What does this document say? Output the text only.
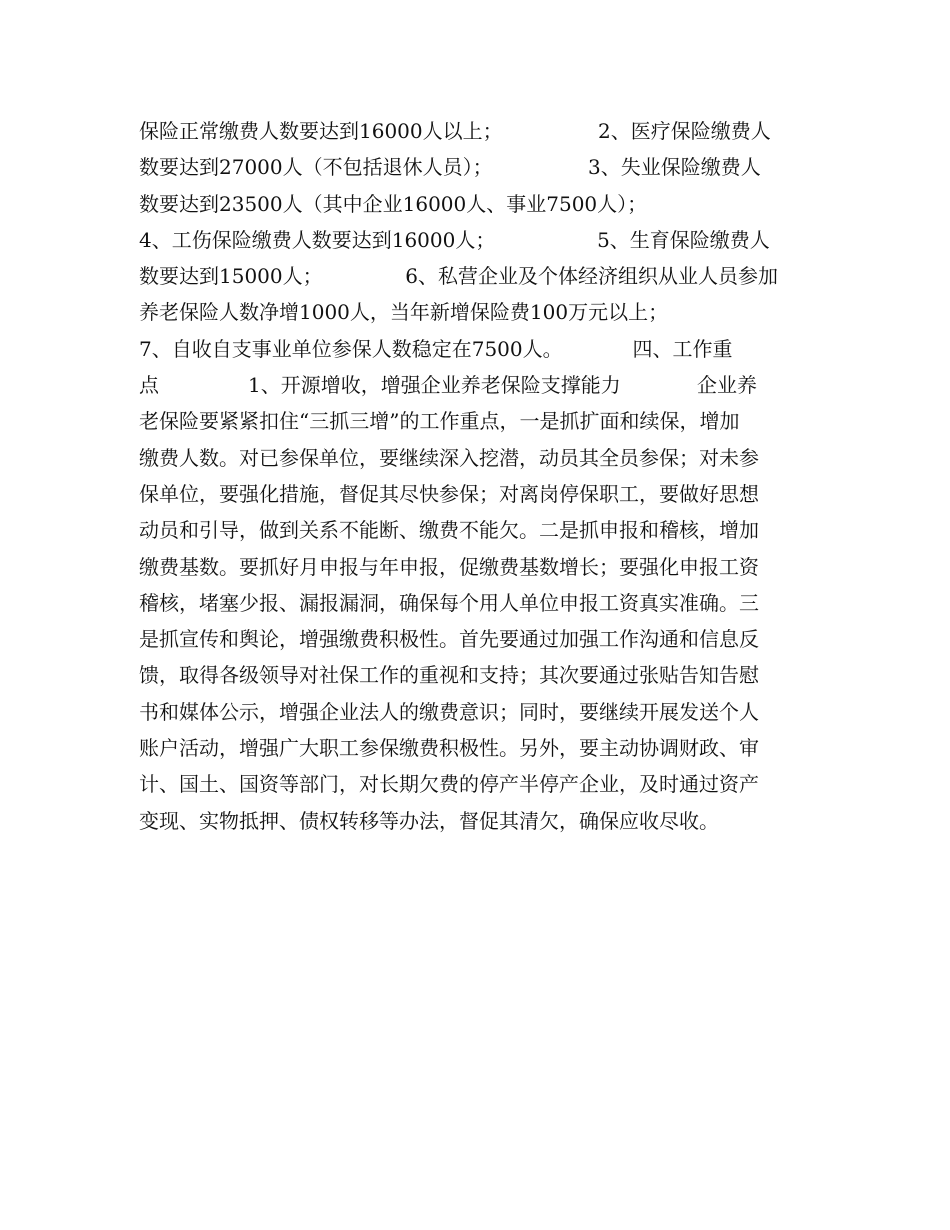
保险正常缴费人数要达到16000人以上；               2、医疗保险缴费人
数要达到27000人（不包括退休人员）；               3、失业保险缴费人
数要达到23500人（其中企业16000人、事业7500人）；
4、工伤保险缴费人数要达到16000人；                5、生育保险缴费人
数要达到15000人；             6、私营企业及个体经济组织从业人员参加
养老保险人数净增1000人，当年新增保险费100万元以上；
7、自收自支事业单位参保人数稳定在7500人。           四、工作重
点              1、开源增收，增强企业养老保险支撑能力            企业养
老保险要紧紧扣住“三抓三增”的工作重点，一是抓扩面和续保，增加
缴费人数。对已参保单位，要继续深入挖潜，动员其全员参保；对未参
保单位，要强化措施，督促其尽快参保；对离岗停保职工，要做好思想
动员和引导，做到关系不能断、缴费不能欠。二是抓申报和稽核，增加
缴费基数。要抓好月申报与年申报，促缴费基数增长；要强化申报工资
稽核，堵塞少报、漏报漏洞，确保每个用人单位申报工资真实准确。三
是抓宣传和舆论，增强缴费积极性。首先要通过加强工作沟通和信息反
馈，取得各级领导对社保工作的重视和支持；其次要通过张贴告知告慰
书和媒体公示，增强企业法人的缴费意识；同时，要继续开展发送个人
账户活动，增强广大职工参保缴费积极性。另外，要主动协调财政、审
计、国土、国资等部门，对长期欠费的停产半停产企业，及时通过资产
变现、实物抵押、债权转移等办法，督促其清欠，确保应收尽收。
